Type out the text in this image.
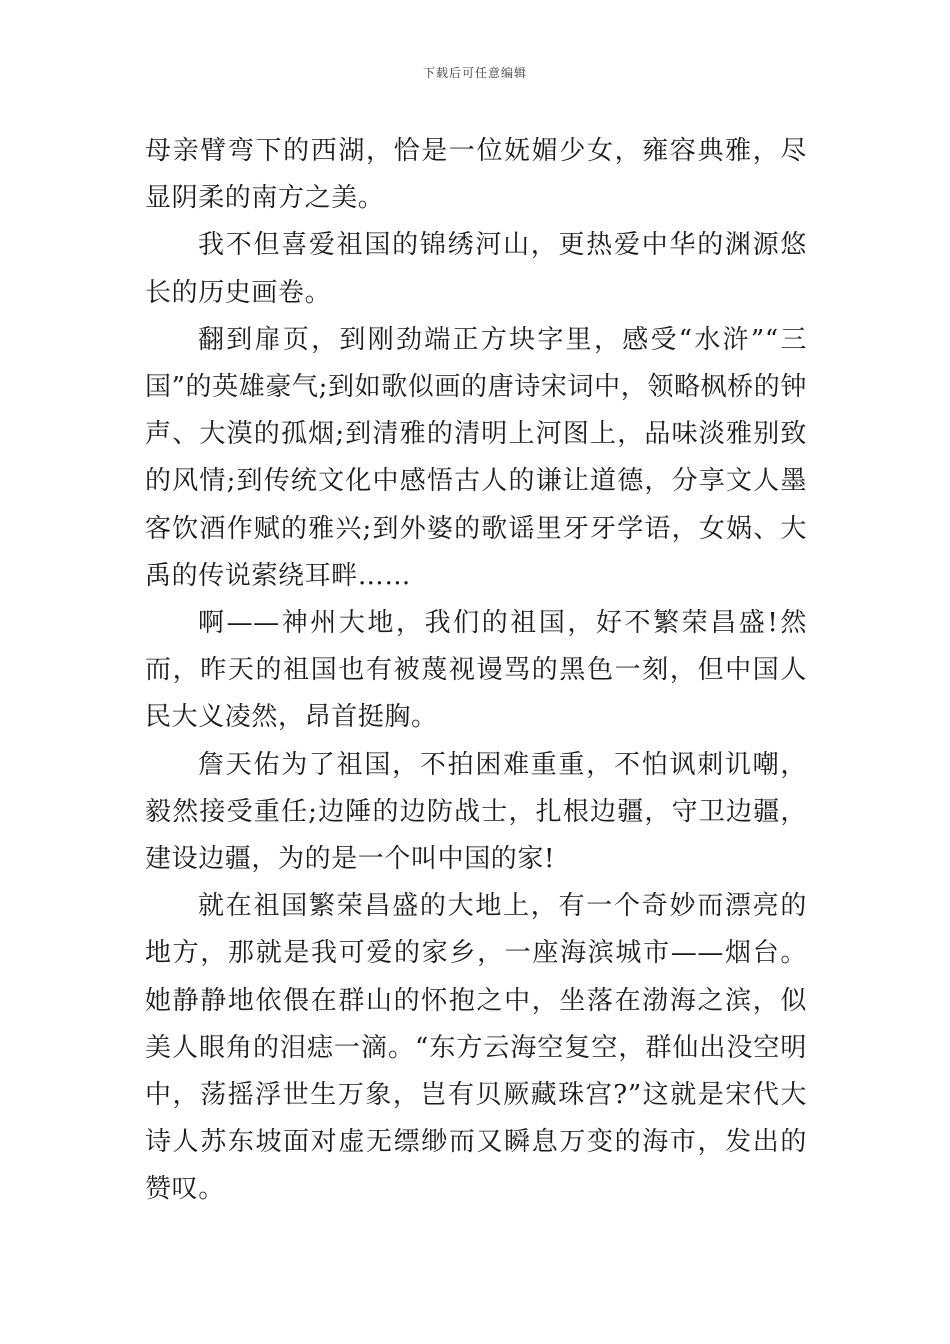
下载后可任意编辑

母亲臂弯下的西湖，恰是一位妩媚少女，雍容典雅，尽显阴柔的南方之美。

我不但喜爱祖国的锦绣河山，更热爱中华的渊源悠长的历史画卷。

翻到扉页，到刚劲端正方块字里，感受“水浒”“三国”的英雄豪气;到如歌似画的唐诗宋词中，领略枫桥的钟声、大漠的孤烟;到清雅的清明上河图上，品味淡雅别致的风情;到传统文化中感悟古人的谦让道德，分享文人墨客饮酒作赋的雅兴;到外婆的歌谣里牙牙学语，女娲、大禹的传说萦绕耳畔……

啊——神州大地，我们的祖国，好不繁荣昌盛!然而，昨天的祖国也有被蔑视谩骂的黑色一刻，但中国人民大义凌然，昂首挺胸。

詹天佑为了祖国，不拍困难重重，不怕讽刺讥嘲，毅然接受重任;边陲的边防战士，扎根边疆，守卫边疆，建设边疆，为的是一个叫中国的家!

就在祖国繁荣昌盛的大地上，有一个奇妙而漂亮的地方，那就是我可爱的家乡，一座海滨城市——烟台。她静静地依偎在群山的怀抱之中，坐落在渤海之滨，似美人眼角的泪痣一滴。“东方云海空复空，群仙出没空明中，荡摇浮世生万象，岂有贝厥藏珠宫?”这就是宋代大诗人苏东坡面对虚无缥缈而又瞬息万变的海市，发出的赞叹。
